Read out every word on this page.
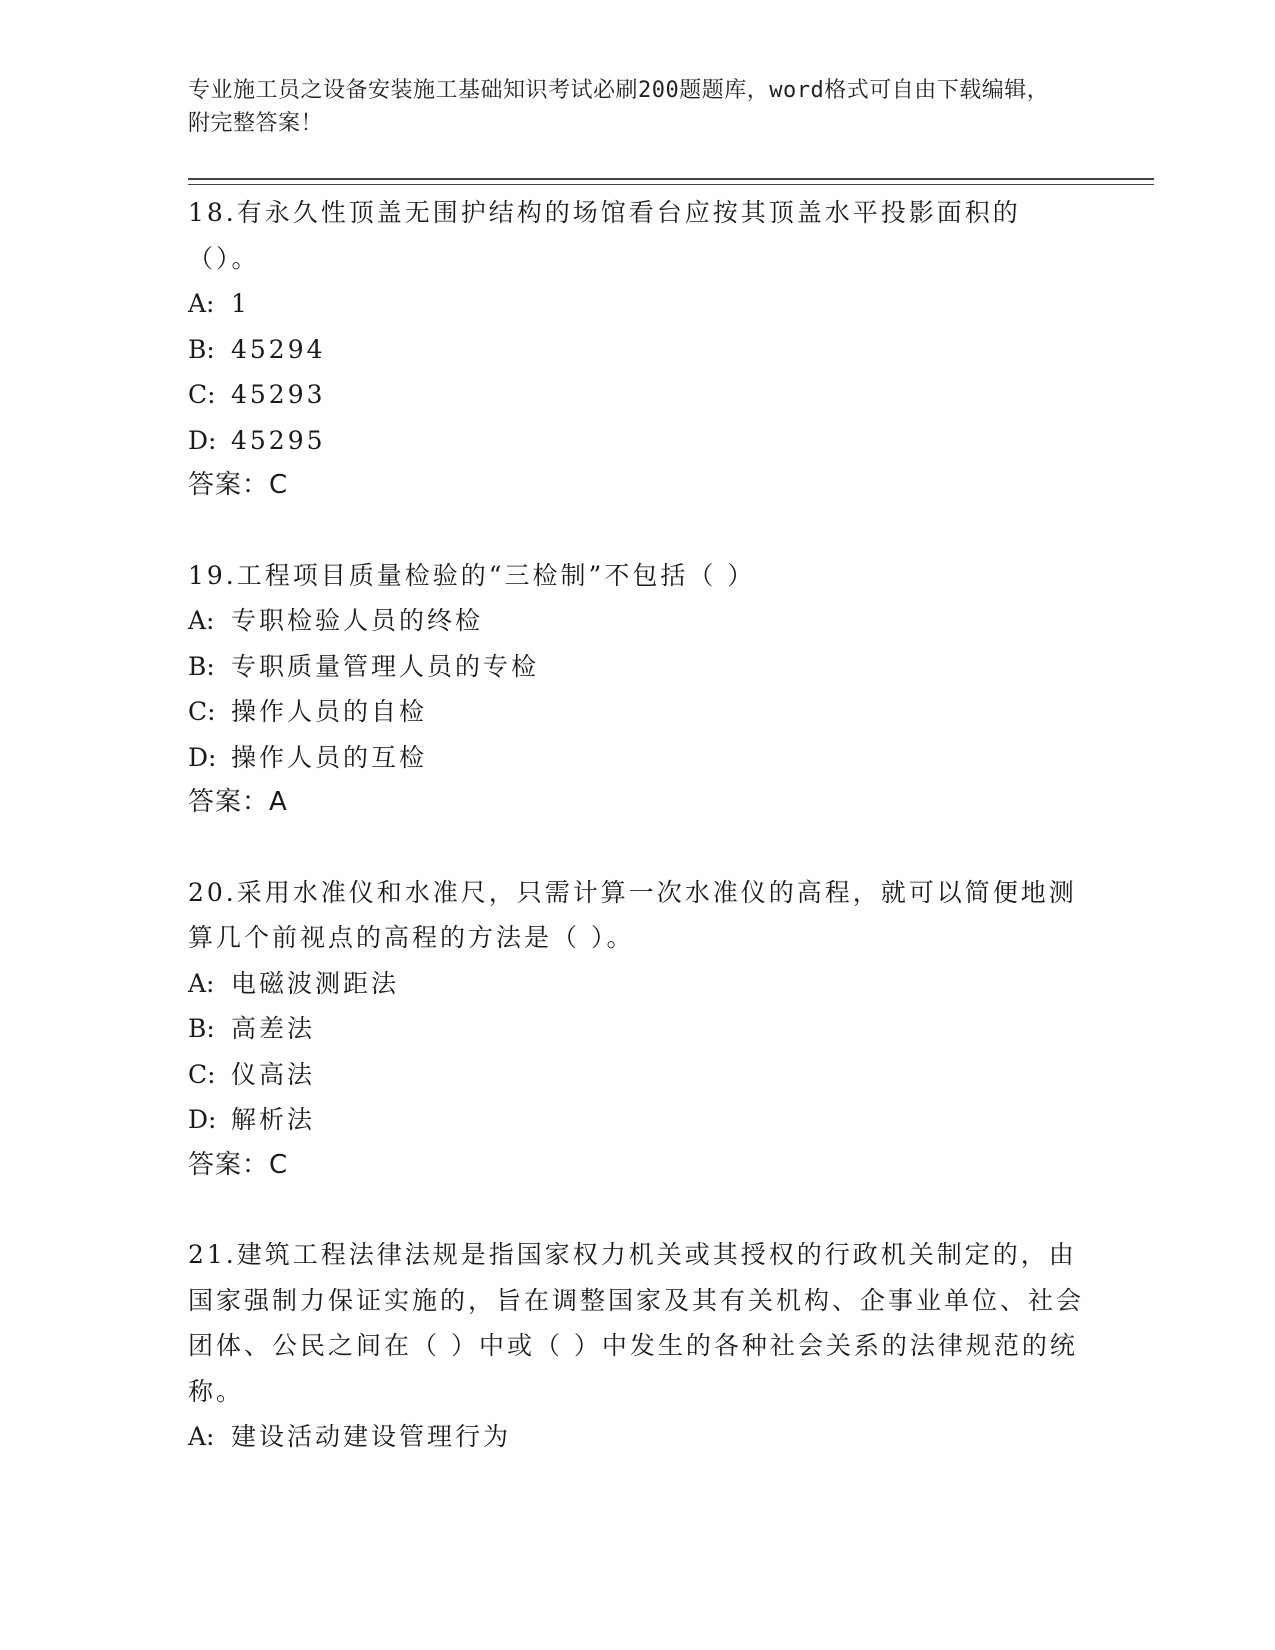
专业施工员之设备安装施工基础知识考试必刷200题题库，word格式可自由下载编辑，附完整答案！
18.有永久性顶盖无围护结构的场馆看台应按其顶盖水平投影面积的（）。
A: 1
B: 45294
C: 45293
D: 45295
答案：C
19.工程项目质量检验的“三检制”不包括（ ）
A: 专职检验人员的终检
B: 专职质量管理人员的专检
C: 操作人员的自检
D: 操作人员的互检
答案：A
20.采用水准仪和水准尺，只需计算一次水准仪的高程，就可以简便地测算几个前视点的高程的方法是（ ）。
A: 电磁波测距法
B: 高差法
C: 仪高法
D: 解析法
答案：C
21.建筑工程法律法规是指国家权力机关或其授权的行政机关制定的，由国家强制力保证实施的，旨在调整国家及其有关机构、企事业单位、社会团体、公民之间在（ ）中或（ ）中发生的各种社会关系的法律规范的统称。
A: 建设活动建设管理行为
